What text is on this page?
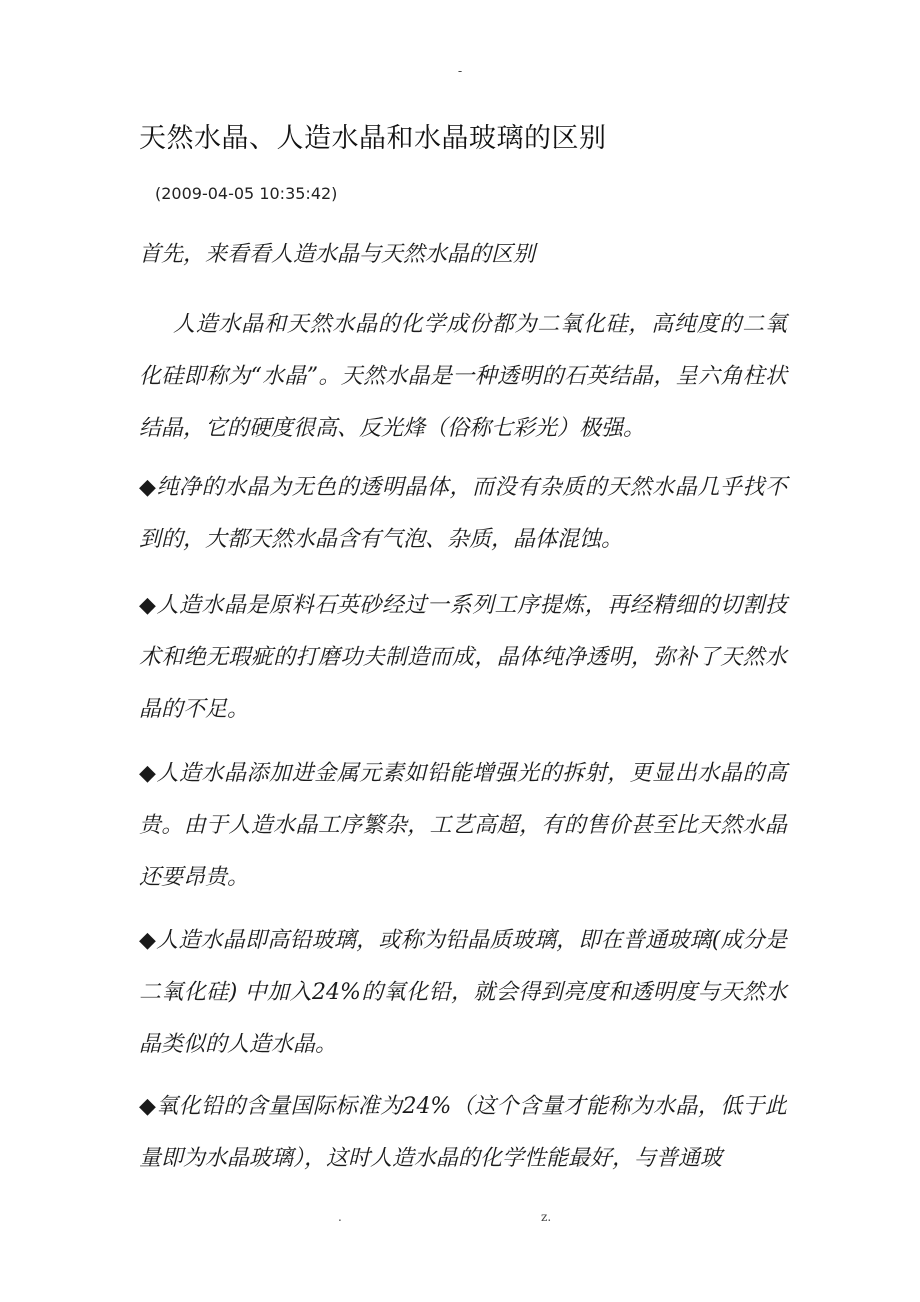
-
天然水晶、人造水晶和水晶玻璃的区别
(2009-04-05 10:35:42)

首先，来看看人造水晶与天然水晶的区别

人造水晶和天然水晶的化学成份都为二氧化硅，高纯度的二氧化硅即称为“水晶”。天然水晶是一种透明的石英结晶，呈六角柱状结晶，它的硬度很高、反光烽（俗称七彩光）极强。

◆纯净的水晶为无色的透明晶体，而没有杂质的天然水晶几乎找不到的，大都天然水晶含有气泡、杂质，晶体混蚀。

◆人造水晶是原料石英砂经过一系列工序提炼，再经精细的切割技术和绝无瑕疵的打磨功夫制造而成，晶体纯净透明，弥补了天然水晶的不足。

◆人造水晶添加进金属元素如铅能增强光的拆射，更显出水晶的高贵。由于人造水晶工序繁杂，工艺高超，有的售价甚至比天然水晶还要昂贵。

◆人造水晶即高铅玻璃，或称为铅晶质玻璃，即在普通玻璃(成分是二氧化硅) 中加入24%的氧化铅，就会得到亮度和透明度与天然水晶类似的人造水晶。

◆氧化铅的含量国际标准为24%（这个含量才能称为水晶，低于此量即为水晶玻璃），这时人造水晶的化学性能最好，与普通玻

.	z.
